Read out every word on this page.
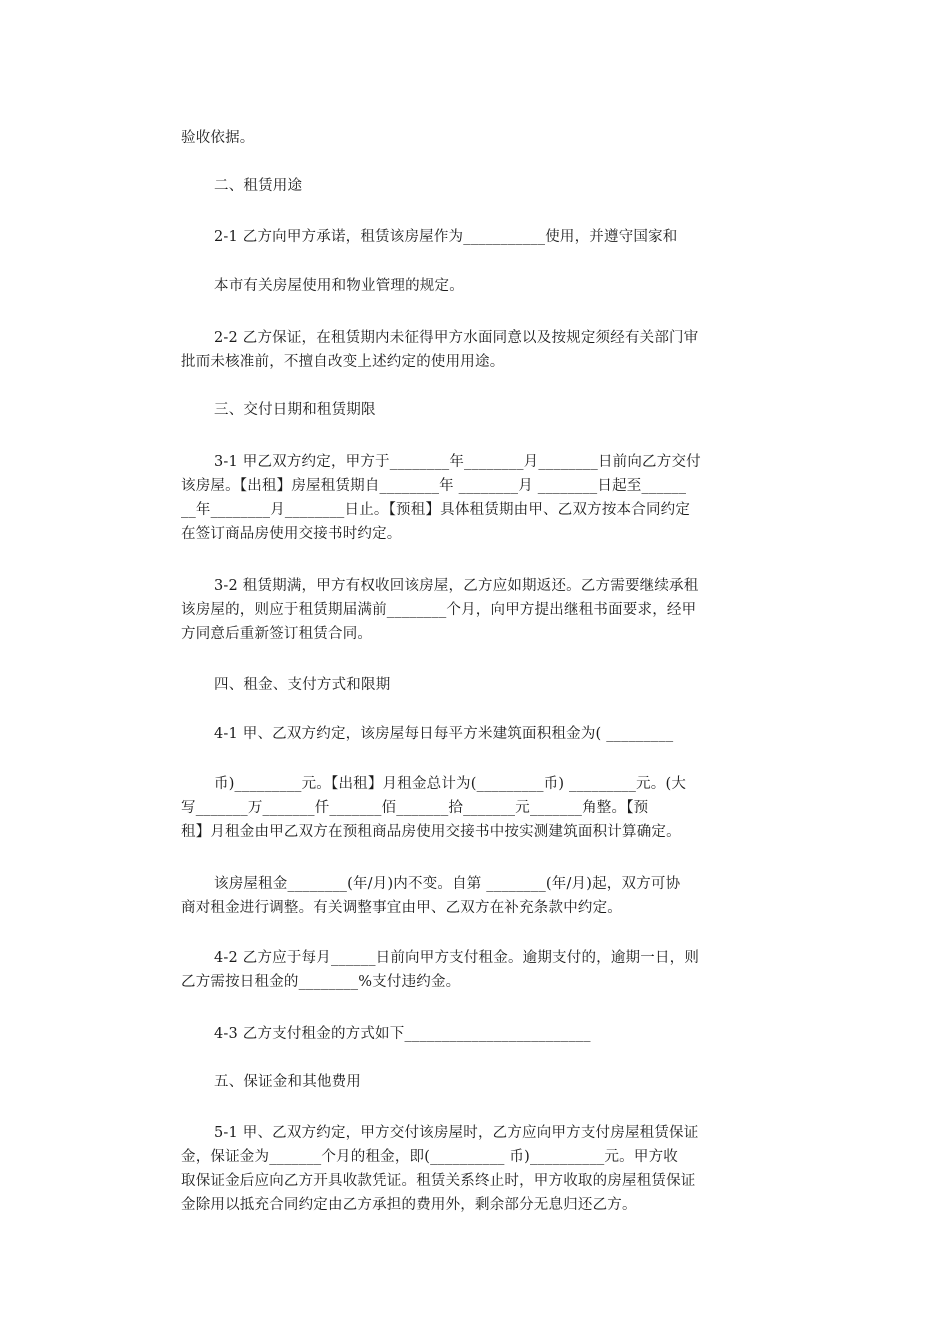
验收依据。
二、租赁用途
2-1 乙方向甲方承诺，租赁该房屋作为___________使用，并遵守国家和
本市有关房屋使用和物业管理的规定。
2-2 乙方保证，在租赁期内未征得甲方水面同意以及按规定须经有关部门审
批而未核准前，不擅自改变上述约定的使用用途。
三、交付日期和租赁期限
3-1 甲乙双方约定，甲方于________年________月________日前向乙方交付
该房屋。【出租】房屋租赁期自________年 ________月 ________日起至______
__年________月________日止。【预租】具体租赁期由甲、乙双方按本合同约定
在签订商品房使用交接书时约定。
3-2 租赁期满，甲方有权收回该房屋，乙方应如期返还。乙方需要继续承租
该房屋的，则应于租赁期届满前________个月，向甲方提出继租书面要求，经甲
方同意后重新签订租赁合同。
四、租金、支付方式和限期
4-1 甲、乙双方约定，该房屋每日每平方米建筑面积租金为( _________
币)_________元。【出租】月租金总计为(_________币) _________元。(大
写_______万_______仟_______佰_______拾_______元_______角整。【预
租】月租金由甲乙双方在预租商品房使用交接书中按实测建筑面积计算确定。
该房屋租金________(年/月)内不变。自第 ________(年/月)起，双方可协
商对租金进行调整。有关调整事宜由甲、乙双方在补充条款中约定。
4-2 乙方应于每月______日前向甲方支付租金。逾期支付的，逾期一日，则
乙方需按日租金的________%支付违约金。
4-3 乙方支付租金的方式如下_________________________
五、保证金和其他费用
5-1 甲、乙双方约定，甲方交付该房屋时，乙方应向甲方支付房屋租赁保证
金，保证金为_______个月的租金，即(__________ 币)__________元。甲方收
取保证金后应向乙方开具收款凭证。租赁关系终止时，甲方收取的房屋租赁保证
金除用以抵充合同约定由乙方承担的费用外，剩余部分无息归还乙方。
